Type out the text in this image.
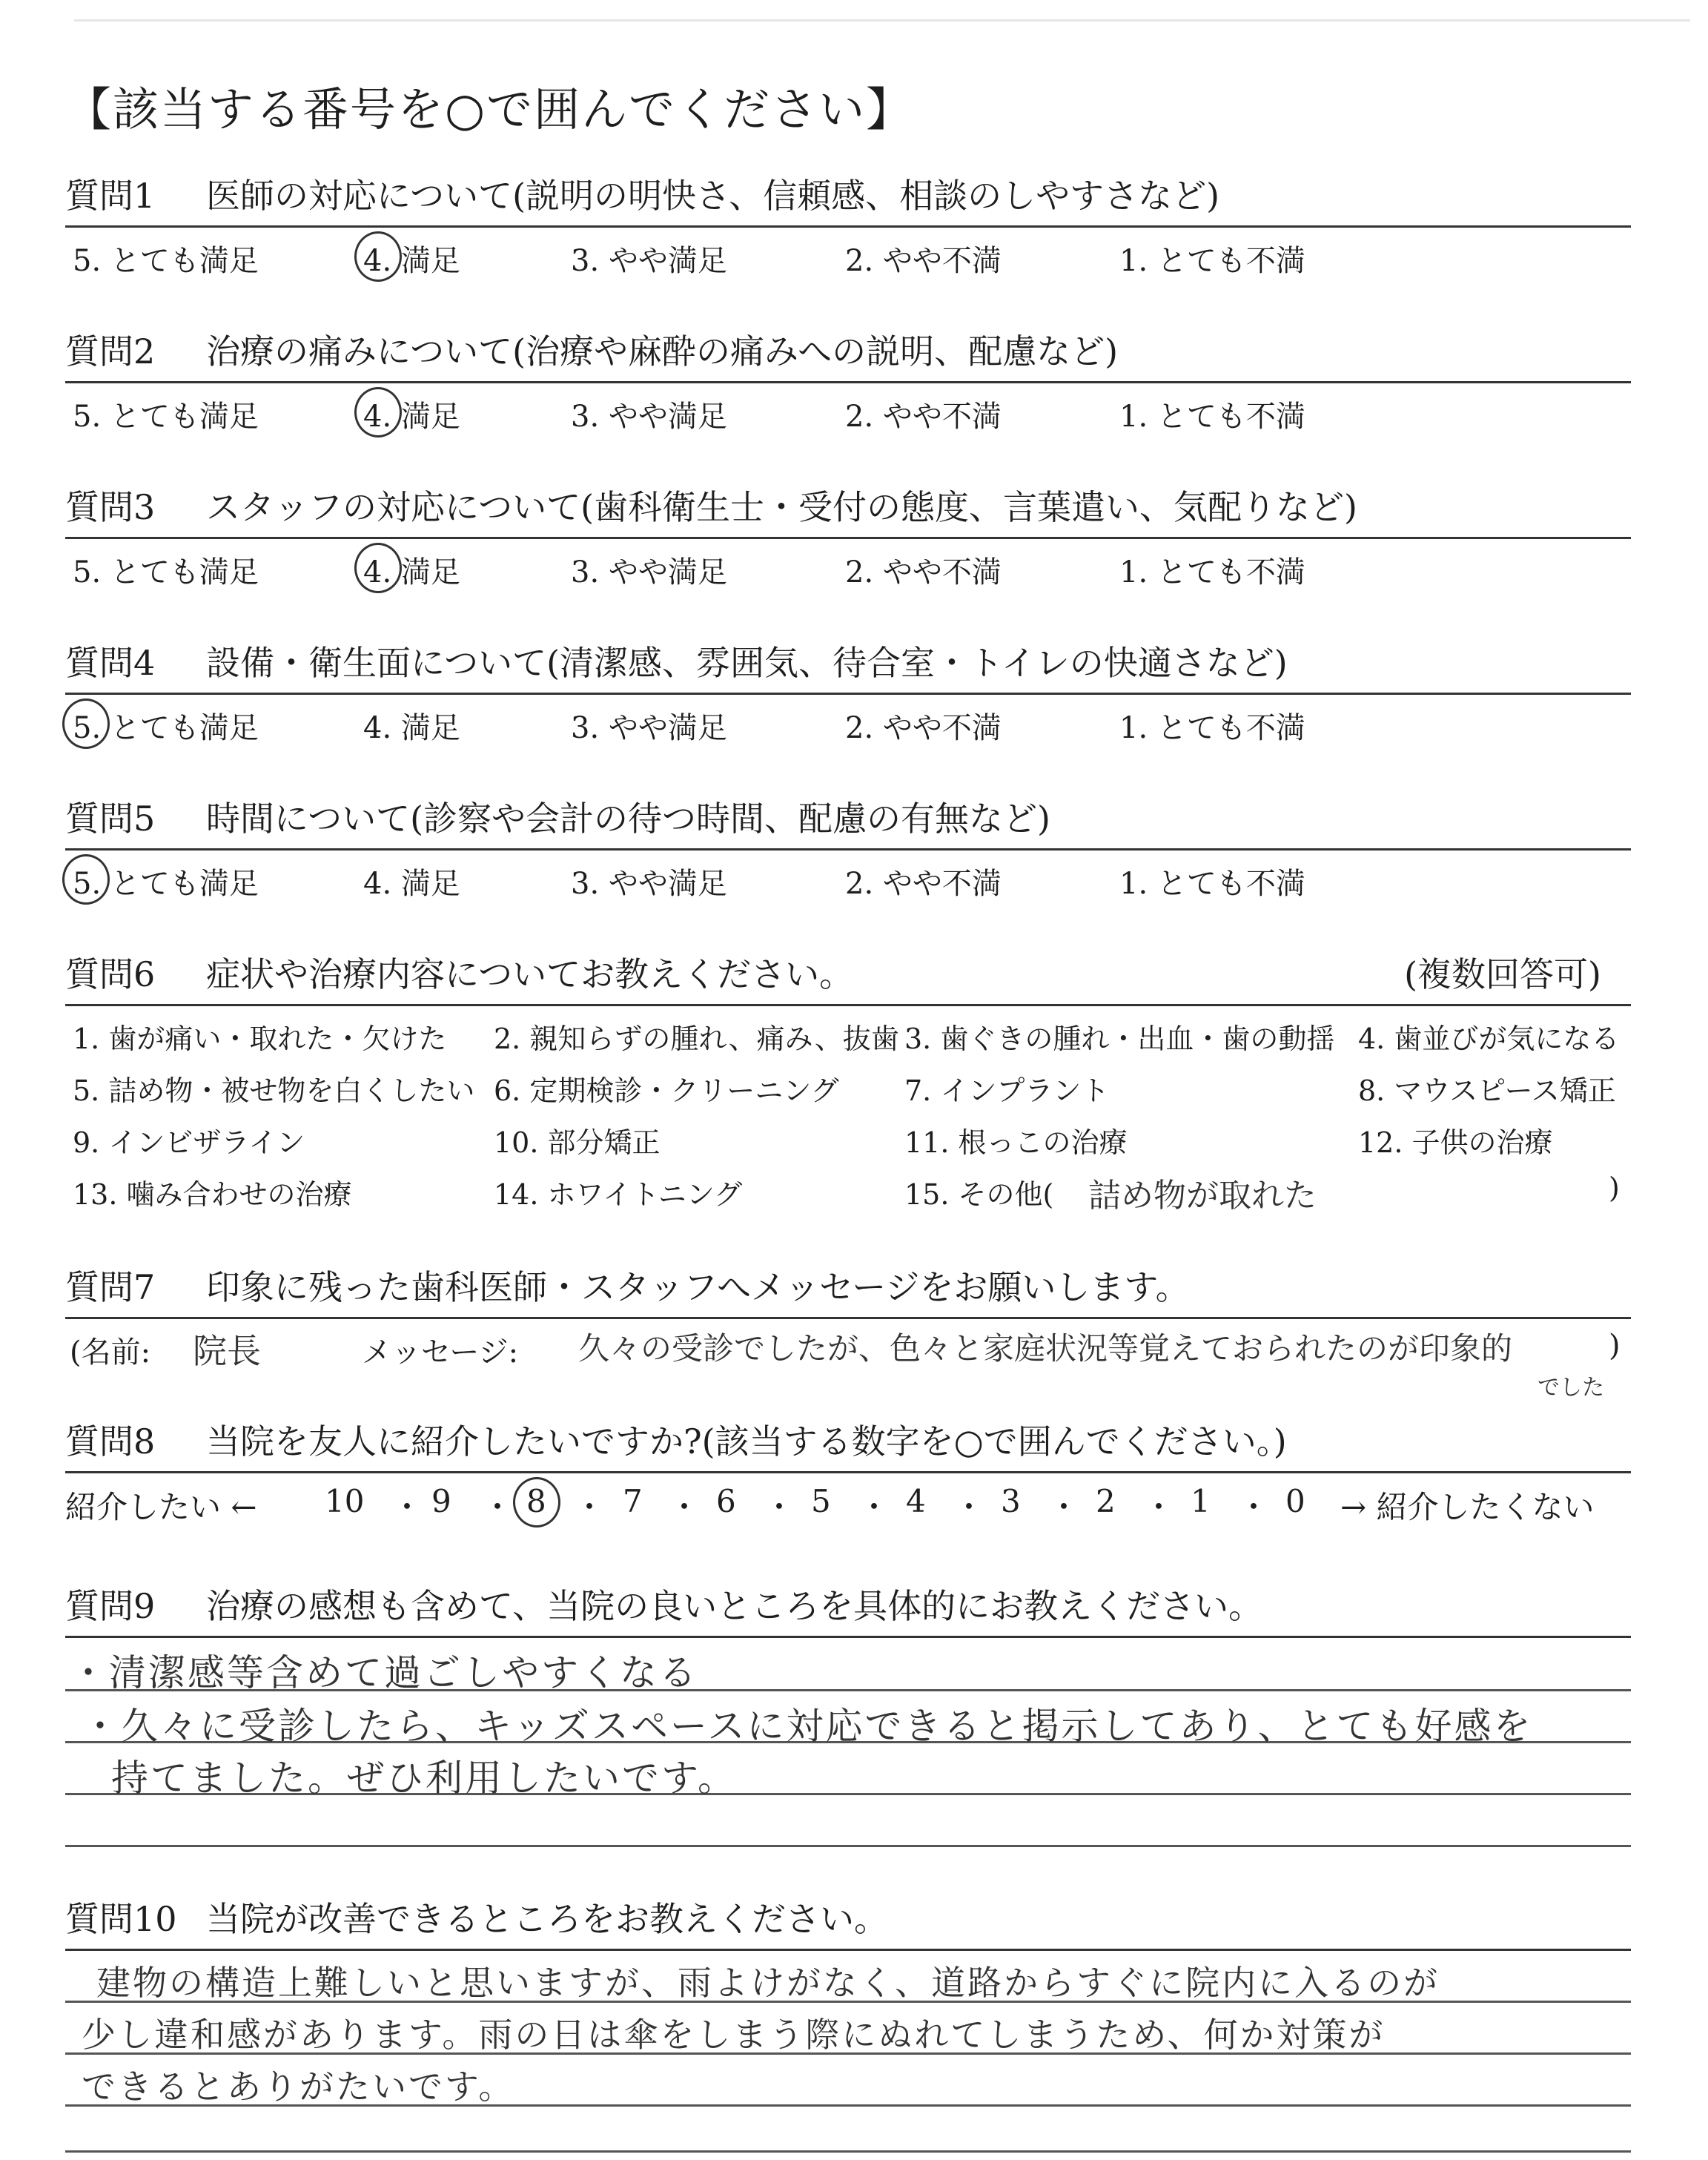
【該当する番号を○で囲んでください】
質問1 医師の対応について(説明の明快さ、信頼感、相談のしやすさなど)
5. とても満足	4. 満足	3. やや満足	2. やや不満	1. とても不満
質問2 治療の痛みについて(治療や麻酔の痛みへの説明、配慮など)
5. とても満足	4. 満足	3. やや満足	2. やや不満	1. とても不満
質問3 スタッフの対応について(歯科衛生士・受付の態度、言葉遣い、気配りなど)
5. とても満足	4. 満足	3. やや満足	2. やや不満	1. とても不満
質問4 設備・衛生面について(清潔感、雰囲気、待合室・トイレの快適さなど)
5. とても満足	4. 満足	3. やや満足	2. やや不満	1. とても不満
質問5 時間について(診察や会計の待つ時間、配慮の有無など)
5. とても満足	4. 満足	3. やや満足	2. やや不満	1. とても不満
質問6 症状や治療内容についてお教えください。	(複数回答可)
1. 歯が痛い・取れた・欠けた 2. 親知らずの腫れ、痛み、抜歯 3. 歯ぐきの腫れ・出血・歯の動揺 4. 歯並びが気になる
5. 詰め物・被せ物を白くしたい 6. 定期検診・クリーニング 7. インプラント	8. マウスピース矯正
9. インビザライン	10. 部分矯正	11. 根っこの治療	12. 子供の治療
13. 噛み合わせの治療	14. ホワイトニング	15. その他( 詰め物が取れた	)
質問7 印象に残った歯科医師・スタッフへメッセージをお願いします。
(名前: 院長	メッセージ: 久々の受診でしたが、色々と家庭状況等覚えておられたのが印象的
でした
)
質問8 当院を友人に紹介したいですか?(該当する数字を○で囲んでください。)
紹介したい ← 10 ・ 9 ・ 8 ・ 7 ・ 6 ・ 5 ・ 4 ・ 3 ・ 2 ・ 1 ・ 0 → 紹介したくない
質問9 治療の感想も含めて、当院の良いところを具体的にお教えください。
・清潔感等含めて過ごしやすくなる
・久々に受診したら、キッズスペースに対応できると掲示してあり、とても好感を
持てました。ぜひ利用したいです。
質問10 当院が改善できるところをお教えください。
建物の構造上難しいと思いますが、雨よけがなく、道路からすぐに院内に入るのが
少し違和感があります。雨の日は傘をしまう際にぬれてしまうため、何か対策が
できるとありがたいです。
